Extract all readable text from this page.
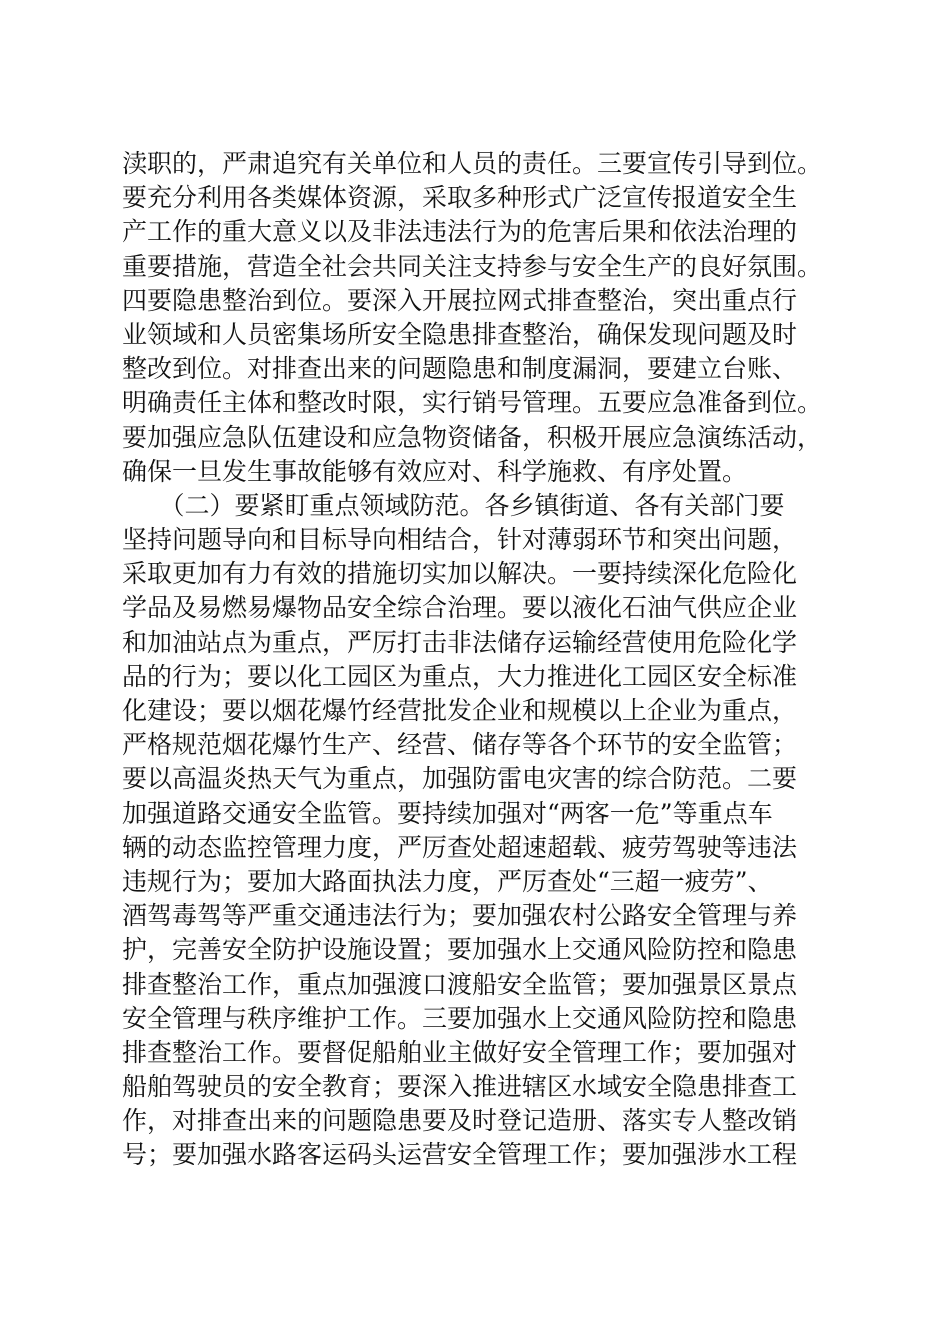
渎职的，严肃追究有关单位和人员的责任。三要宣传引导到位。
要充分利用各类媒体资源，采取多种形式广泛宣传报道安全生
产工作的重大意义以及非法违法行为的危害后果和依法治理的
重要措施，营造全社会共同关注支持参与安全生产的良好氛围。
四要隐患整治到位。要深入开展拉网式排查整治，突出重点行
业领域和人员密集场所安全隐患排查整治，确保发现问题及时
整改到位。对排查出来的问题隐患和制度漏洞，要建立台账、
明确责任主体和整改时限，实行销号管理。五要应急准备到位。
要加强应急队伍建设和应急物资储备，积极开展应急演练活动，
确保一旦发生事故能够有效应对、科学施救、有序处置。
　　（二）要紧盯重点领域防范。各乡镇街道、各有关部门要
坚持问题导向和目标导向相结合，针对薄弱环节和突出问题，
采取更加有力有效的措施切实加以解决。一要持续深化危险化
学品及易燃易爆物品安全综合治理。要以液化石油气供应企业
和加油站点为重点，严厉打击非法储存运输经营使用危险化学
品的行为；要以化工园区为重点，大力推进化工园区安全标准
化建设；要以烟花爆竹经营批发企业和规模以上企业为重点，
严格规范烟花爆竹生产、经营、储存等各个环节的安全监管；
要以高温炎热天气为重点，加强防雷电灾害的综合防范。二要
加强道路交通安全监管。要持续加强对“两客一危”等重点车
辆的动态监控管理力度，严厉查处超速超载、疲劳驾驶等违法
违规行为；要加大路面执法力度，严厉查处“三超一疲劳”、
酒驾毒驾等严重交通违法行为；要加强农村公路安全管理与养
护，完善安全防护设施设置；要加强水上交通风险防控和隐患
排查整治工作，重点加强渡口渡船安全监管；要加强景区景点
安全管理与秩序维护工作。三要加强水上交通风险防控和隐患
排查整治工作。要督促船舶业主做好安全管理工作；要加强对
船舶驾驶员的安全教育；要深入推进辖区水域安全隐患排查工
作，对排查出来的问题隐患要及时登记造册、落实专人整改销
号；要加强水路客运码头运营安全管理工作；要加强涉水工程
